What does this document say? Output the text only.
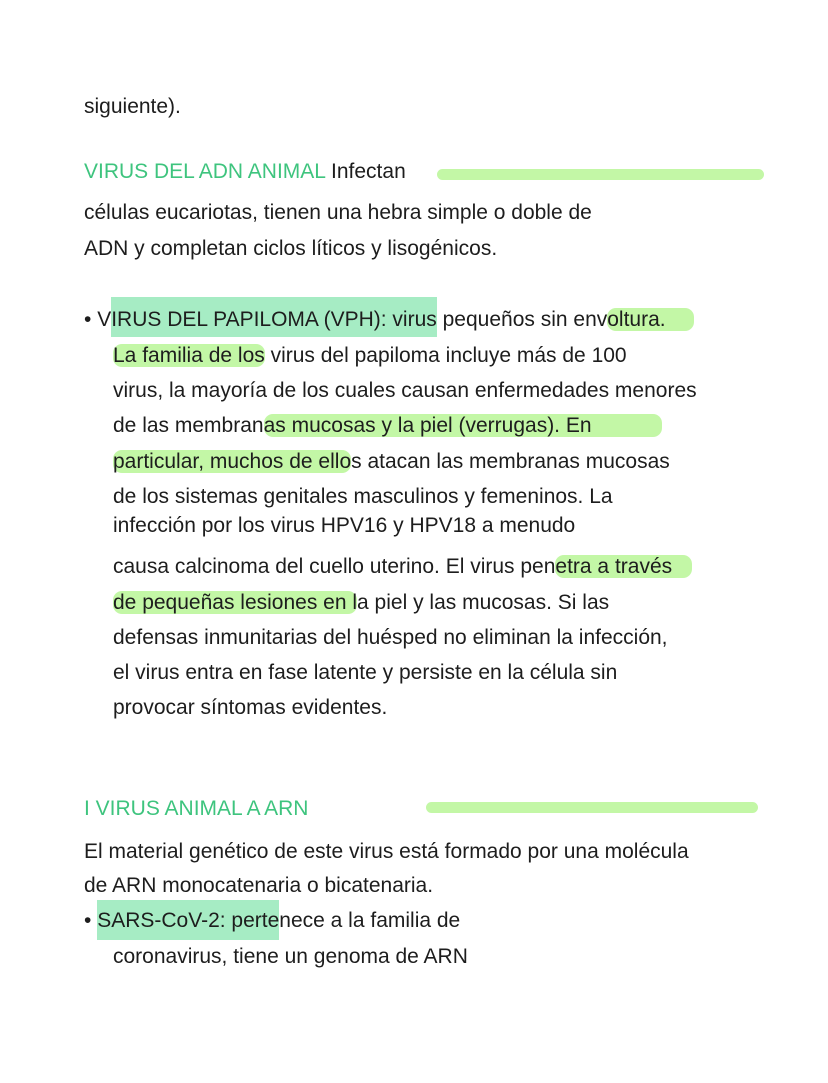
siguiente).
VIRUS DEL ADN ANIMAL Infectan
células eucariotas, tienen una hebra simple o doble de
ADN y completan ciclos líticos y lisogénicos.
• VIRUS DEL PAPILOMA (VPH): virus pequeños sin envoltura.
La familia de los virus del papiloma incluye más de 100
virus, la mayoría de los cuales causan enfermedades menores
de las membranas mucosas y la piel (verrugas). En
particular, muchos de ellos atacan las membranas mucosas
de los sistemas genitales masculinos y femeninos. La
infección por los virus HPV16 y HPV18 a menudo
causa calcinoma del cuello uterino. El virus penetra a través
de pequeñas lesiones en la piel y las mucosas. Si las
defensas inmunitarias del huésped no eliminan la infección,
el virus entra en fase latente y persiste en la célula sin
provocar síntomas evidentes.
I VIRUS ANIMAL A ARN
El material genético de este virus está formado por una molécula
de ARN monocatenaria o bicatenaria.
• SARS-CoV-2: pertenece a la familia de
coronavirus, tiene un genoma de ARN
